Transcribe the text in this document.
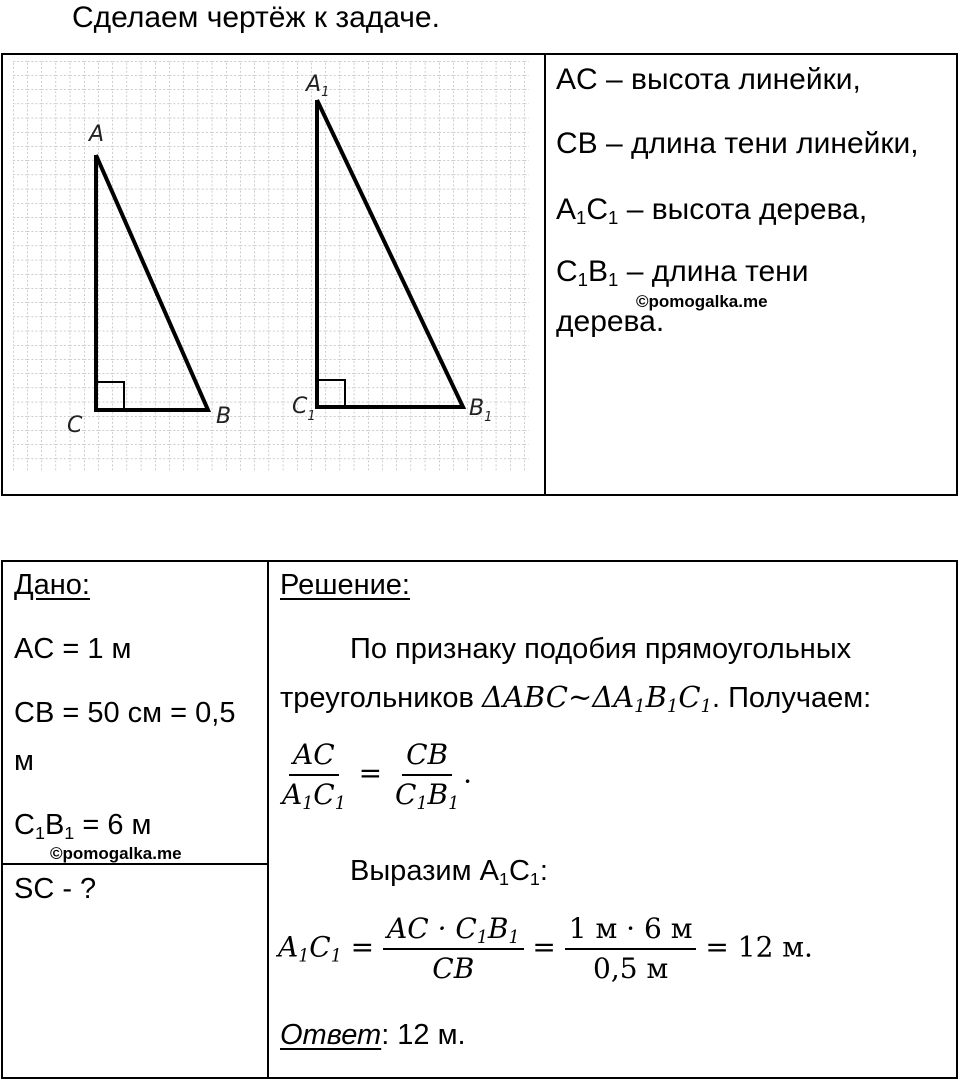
Сделаем чертёж к задаче.
A
B
C
$A_1$
$B_1$
$C_1$
AC – высота линейки,
CB – длина тени линейки,
$A_1C_1$ – высота дерева,
$C_1B_1$ – длина тени
дерева.
©pomogalka.me
Дано:
AC = 1 м
CB = 50 см = 0,5
м
$C_1B_1 = 6$ м
©pomogalka.me
SC - ?
Решение:
По признаку подобия прямоугольных
треугольников $\Delta ABC\sim\Delta A_1B_1C_1$. Получаем:
$\frac{AC}{A_1C_1} = \frac{CB}{C_1B_1}$ .
Выразим $A_1C_1$:
$A_1C_1 = \frac{AC \cdot C_1B_1}{CB} = \frac{1 м \cdot 6 м}{0,5 м} = 12$ м.
Ответ: 12 м.
